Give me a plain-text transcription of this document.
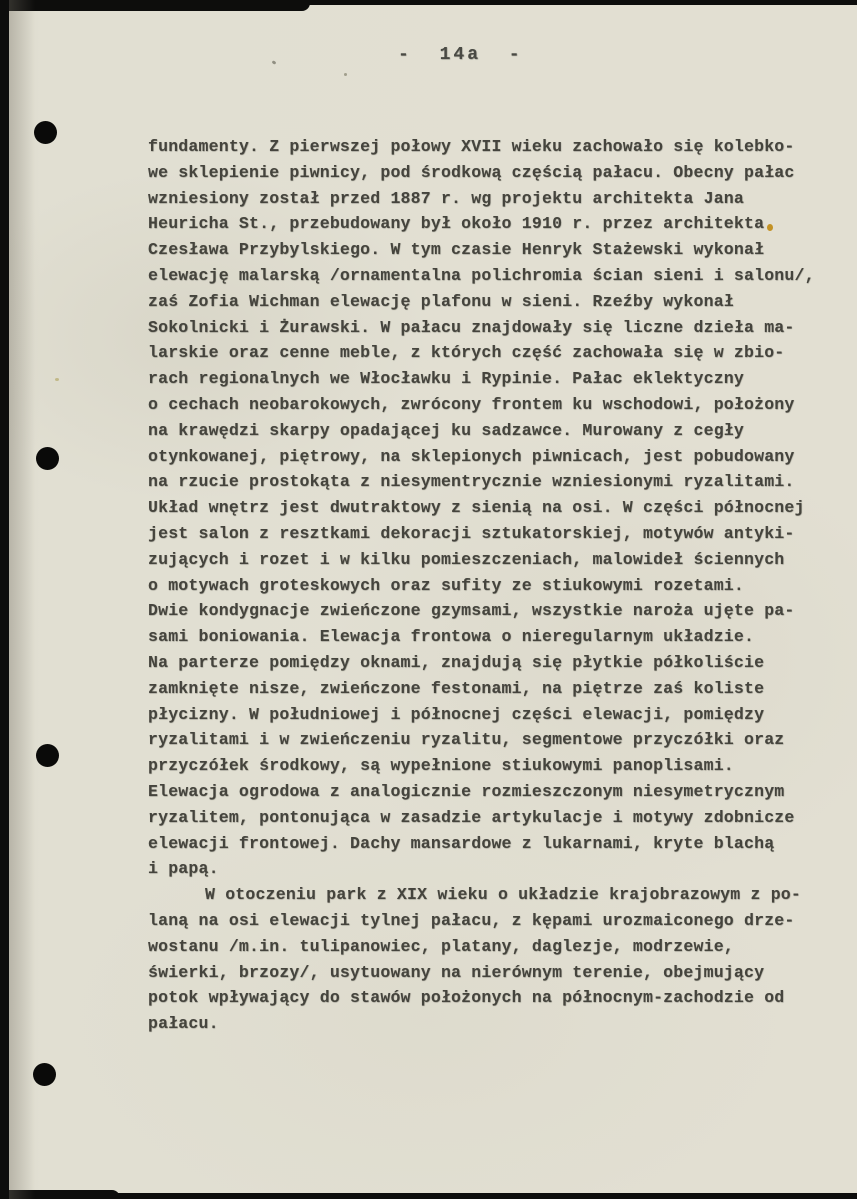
- 14a -
fundamenty. Z pierwszej połowy XVII wieku zachowało się kolebko-
we sklepienie piwnicy, pod środkową częścią pałacu. Obecny pałac
wzniesiony został przed 1887 r. wg projektu architekta Jana
Heuricha St., przebudowany był około 1910 r. przez architekta
Czesława Przybylskiego. W tym czasie Henryk Stażewski wykonał
elewację malarską /ornamentalna polichromia ścian sieni i salonu/,
zaś Zofia Wichman elewację plafonu w sieni. Rzeźby wykonał
Sokolnicki i Żurawski. W pałacu znajdowały się liczne dzieła ma-
larskie oraz cenne meble, z których część zachowała się w zbio-
rach regionalnych we Włocławku i Rypinie. Pałac eklektyczny
o cechach neobarokowych, zwrócony frontem ku wschodowi, położony
na krawędzi skarpy opadającej ku sadzawce. Murowany z cegły
otynkowanej, piętrowy, na sklepionych piwnicach, jest pobudowany
na rzucie prostokąta z niesymentrycznie wzniesionymi ryzalitami.
Układ wnętrz jest dwutraktowy z sienią na osi. W części północnej
jest salon z resztkami dekoracji sztukatorskiej, motywów antyki-
zujących i rozet i w kilku pomieszczeniach, malowideł ściennych
o motywach groteskowych oraz sufity ze stiukowymi rozetami.
Dwie kondygnacje zwieńczone gzymsami, wszystkie naroża ujęte pa-
sami boniowania. Elewacja frontowa o nieregularnym układzie.
Na parterze pomiędzy oknami, znajdują się płytkie półkoliście
zamknięte nisze, zwieńczone festonami, na piętrze zaś koliste
płycizny. W południowej i północnej części elewacji, pomiędzy
ryzalitami i w zwieńczeniu ryzalitu, segmentowe przyczółki oraz
przyczółek środkowy, są wypełnione stiukowymi panoplisami.
Elewacja ogrodowa z analogicznie rozmieszczonym niesymetrycznym
ryzalitem, pontonująca w zasadzie artykulacje i motywy zdobnicze
elewacji frontowej. Dachy mansardowe z lukarnami, kryte blachą
i papą.
W otoczeniu park z XIX wieku o układzie krajobrazowym z po-
laną na osi elewacji tylnej pałacu, z kępami urozmaiconego drze-
wostanu /m.in. tulipanowiec, platany, daglezje, modrzewie,
świerki, brzozy/, usytuowany na nierównym terenie, obejmujący
potok wpływający do stawów położonych na północnym-zachodzie od
pałacu.
